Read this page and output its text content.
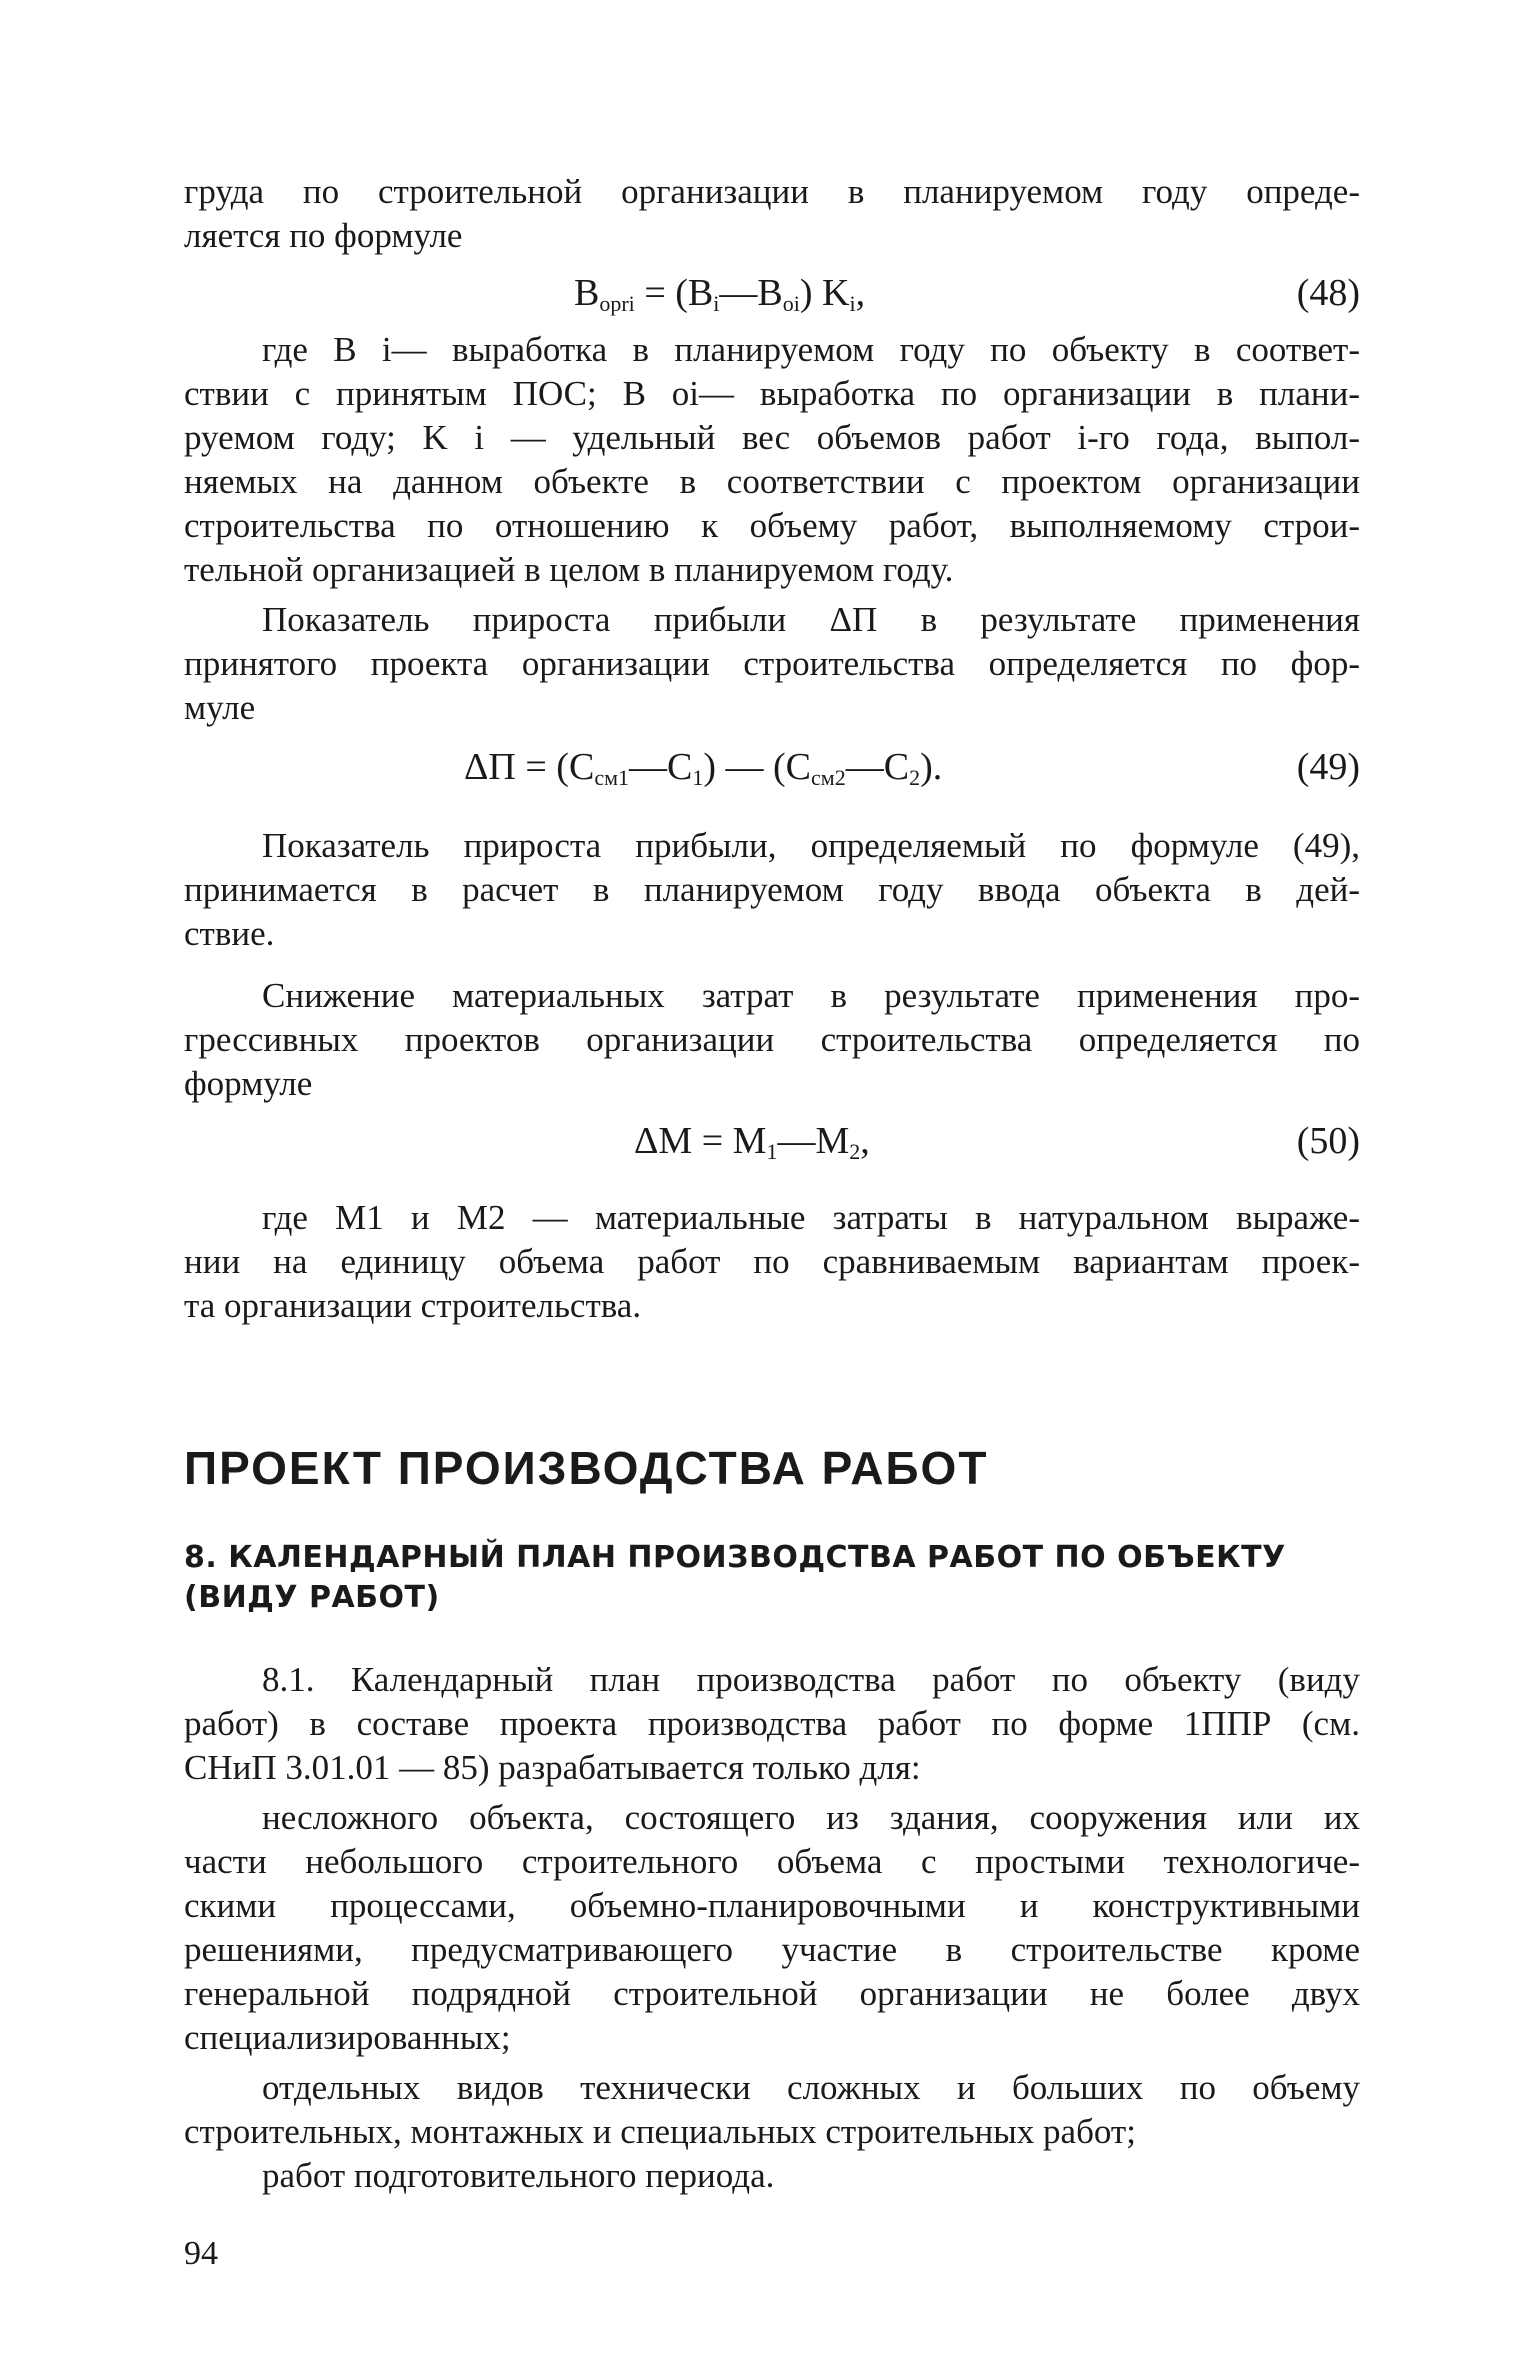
груда по строительной организации в планируемом году опреде-
ляется по формуле
$B_{opri}$ = $(B_i—B_{oi})$ $K_i$,	(48)
где B i— выработка в планируемом году по объекту в соответ-
ствии с принятым ПОС; B oi— выработка по организации в плани-
руемом году; K i — удельный вес объемов работ i-го года, выпол-
няемых на данном объекте в соответствии с проектом организации
строительства по отношению к объему работ, выполняемому строи-
тельной организацией в целом в планируемом году.
Показатель прироста прибыли ΔП в результате применения
принятого проекта организации строительства определяется по фор-
муле
$\Delta П = (C_{см1}—C_1)$ — $(C_{см2}—C_2)$.	(49)
Показатель прироста прибыли, определяемый по формуле (49),
принимается в расчет в планируемом году ввода объекта в дей-
ствие.
Снижение материальных затрат в результате применения про-
грессивных проектов организации строительства определяется по
формуле
$\Delta M = M_1—M_2$,	(50)
где M1 и M2 — материальные затраты в натуральном выраже-
нии на единицу объема работ по сравниваемым вариантам проек-
та организации строительства.
ПРОЕКТ ПРОИЗВОДСТВА РАБОТ
8. КАЛЕНДАРНЫЙ ПЛАН ПРОИЗВОДСТВА РАБОТ ПО ОБЪЕКТУ
(ВИДУ РАБОТ)
8.1. Календарный план производства работ по объекту (виду
работ) в составе проекта производства работ по форме 1ППР (см.
СНиП 3.01.01 — 85) разрабатывается только для:
несложного объекта, состоящего из здания, сооружения или их
части небольшого строительного объема с простыми технологиче-
скими процессами, объемно-планировочными и конструктивными
решениями, предусматривающего участие в строительстве кроме
генеральной подрядной строительной организации не более двух
специализированных;
отдельных видов технически сложных и больших по объему
строительных, монтажных и специальных строительных работ;
работ подготовительного периода.
94
